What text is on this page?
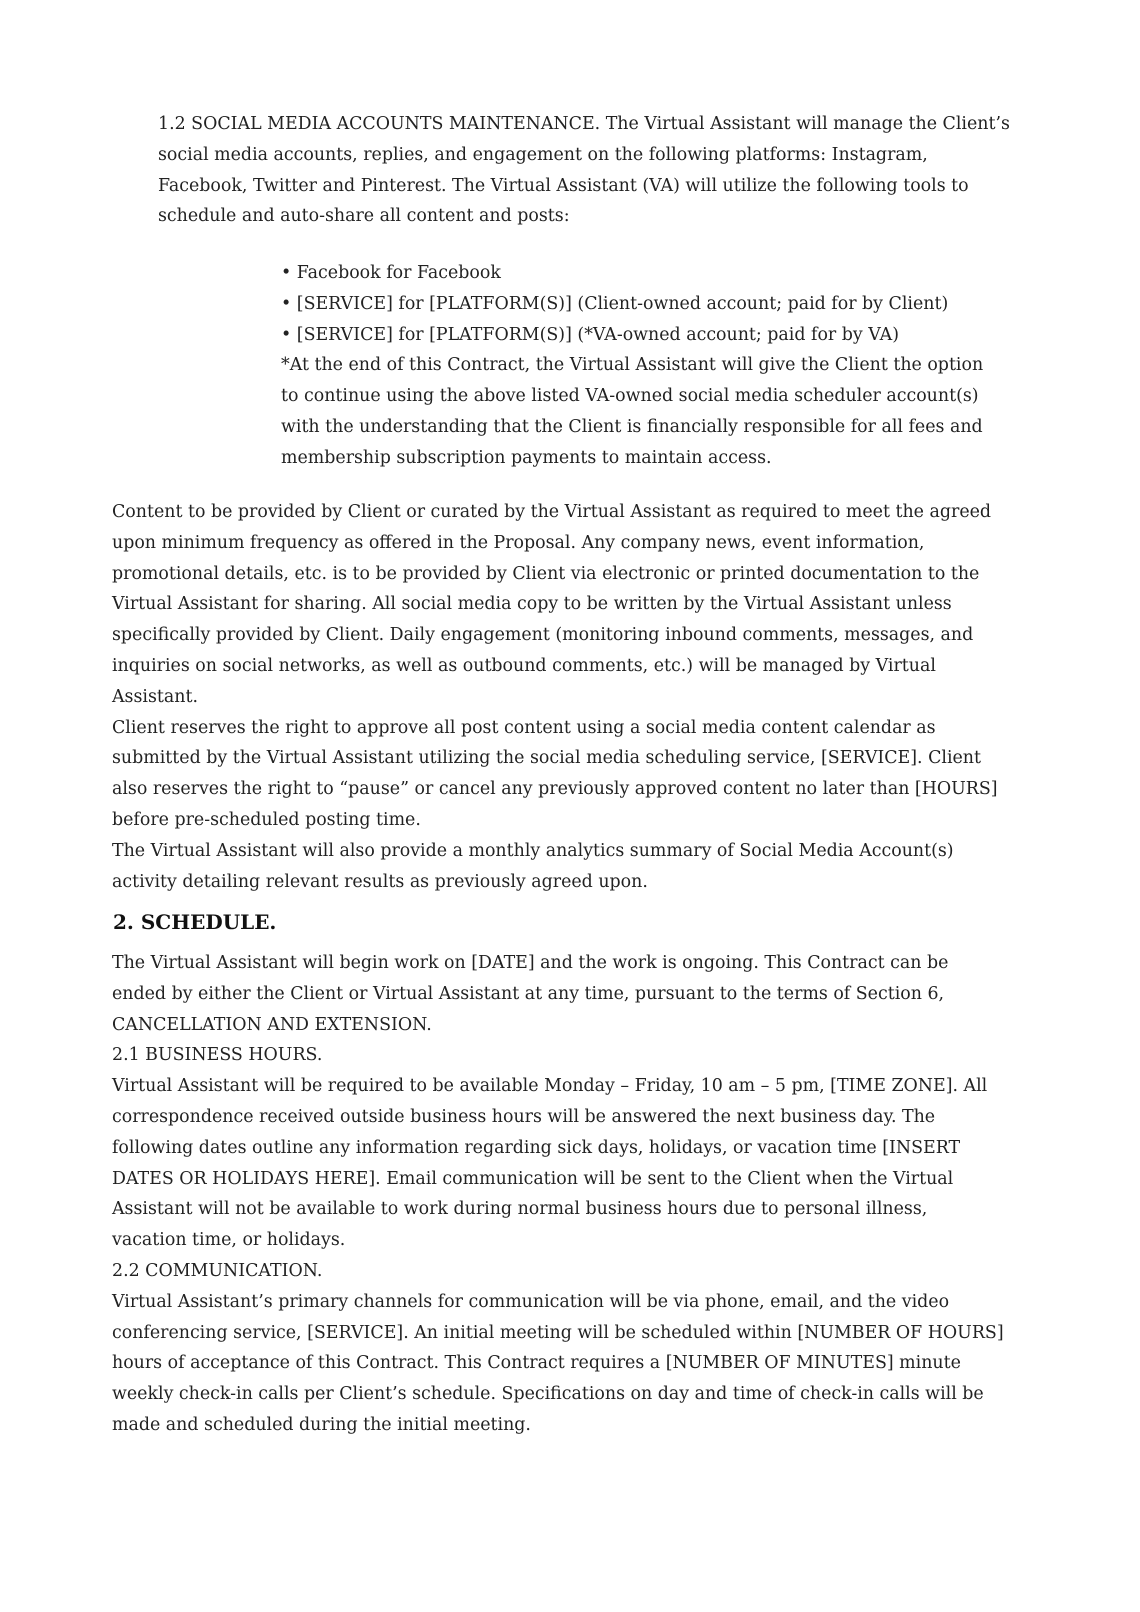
1.2 SOCIAL MEDIA ACCOUNTS MAINTENANCE. The Virtual Assistant will manage the Client’s
social media accounts, replies, and engagement on the following platforms: Instagram,
Facebook, Twitter and Pinterest. The Virtual Assistant (VA) will utilize the following tools to
schedule and auto-share all content and posts:
• Facebook for Facebook
• [SERVICE] for [PLATFORM(S)] (Client-owned account; paid for by Client)
• [SERVICE] for [PLATFORM(S)] (*VA-owned account; paid for by VA)
*At the end of this Contract, the Virtual Assistant will give the Client the option
to continue using the above listed VA-owned social media scheduler account(s)
with the understanding that the Client is financially responsible for all fees and
membership subscription payments to maintain access.
Content to be provided by Client or curated by the Virtual Assistant as required to meet the agreed
upon minimum frequency as offered in the Proposal. Any company news, event information,
promotional details, etc. is to be provided by Client via electronic or printed documentation to the
Virtual Assistant for sharing. All social media copy to be written by the Virtual Assistant unless
specifically provided by Client. Daily engagement (monitoring inbound comments, messages, and
inquiries on social networks, as well as outbound comments, etc.) will be managed by Virtual
Assistant.
Client reserves the right to approve all post content using a social media content calendar as
submitted by the Virtual Assistant utilizing the social media scheduling service, [SERVICE]. Client
also reserves the right to “pause” or cancel any previously approved content no later than [HOURS]
before pre-scheduled posting time.
The Virtual Assistant will also provide a monthly analytics summary of Social Media Account(s)
activity detailing relevant results as previously agreed upon.
2. SCHEDULE.
The Virtual Assistant will begin work on [DATE] and the work is ongoing. This Contract can be
ended by either the Client or Virtual Assistant at any time, pursuant to the terms of Section 6,
CANCELLATION AND EXTENSION.
2.1 BUSINESS HOURS.
Virtual Assistant will be required to be available Monday – Friday, 10 am – 5 pm, [TIME ZONE]. All
correspondence received outside business hours will be answered the next business day. The
following dates outline any information regarding sick days, holidays, or vacation time [INSERT
DATES OR HOLIDAYS HERE]. Email communication will be sent to the Client when the Virtual
Assistant will not be available to work during normal business hours due to personal illness,
vacation time, or holidays.
2.2 COMMUNICATION.
Virtual Assistant’s primary channels for communication will be via phone, email, and the video
conferencing service, [SERVICE]. An initial meeting will be scheduled within [NUMBER OF HOURS]
hours of acceptance of this Contract. This Contract requires a [NUMBER OF MINUTES] minute
weekly check-in calls per Client’s schedule. Specifications on day and time of check-in calls will be
made and scheduled during the initial meeting.
